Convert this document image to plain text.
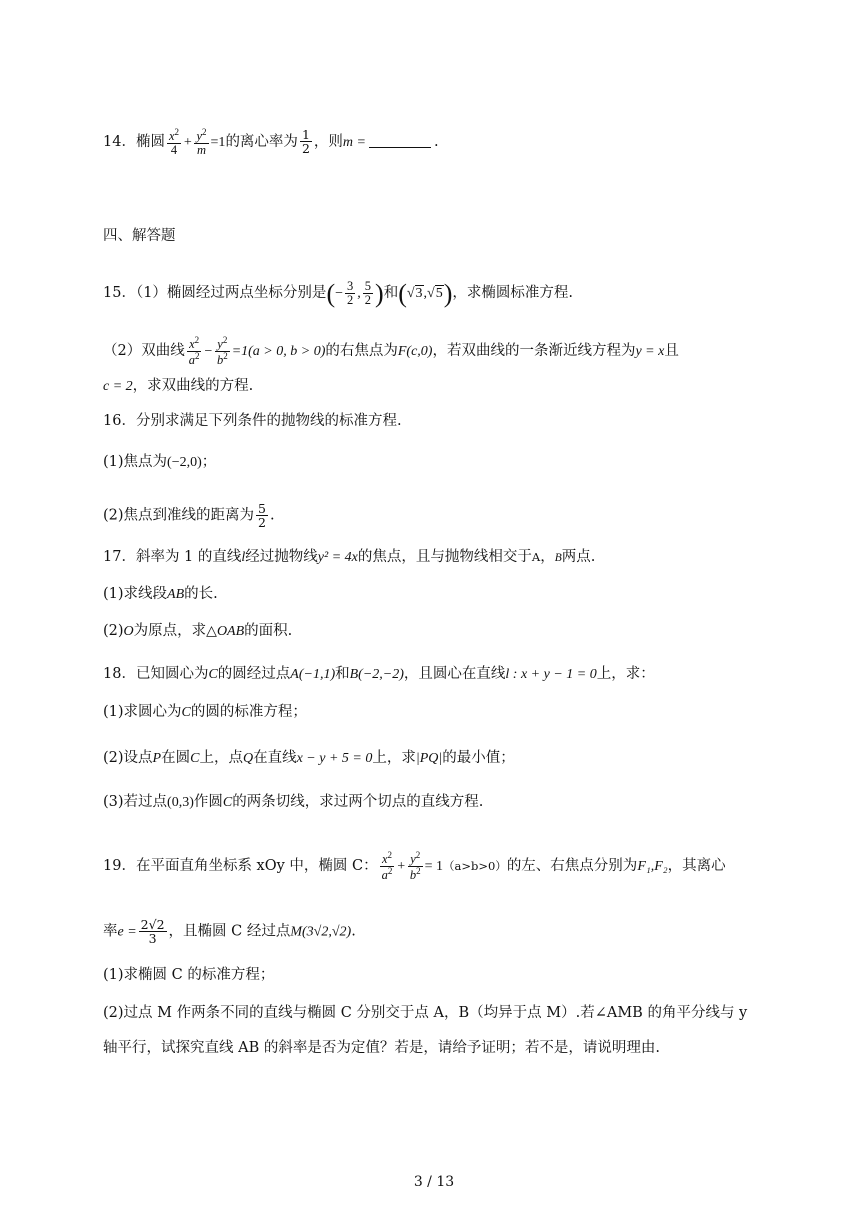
14．椭圆 $\frac{x^2}{4} + \frac{y^2}{m} =1$的离心率为 $\frac{1}{2}$ ，则m =	.
四、解答题
15．（1）椭圆经过两点坐标分别是(− $\frac{3}{2}$ , $\frac{5}{2}$ )和(√3,√5)，求椭圆标准方程.
（2）双曲线 $\frac{x^2}{a^2} - \frac{y^2}{b^2} =1(a > 0$, b > 0)的右焦点为F(c,0)，若双曲线的一条渐近线方程为y = x且
c = 2，求双曲线的方程.
16．分别求满足下列条件的抛物线的标准方程.
(1)焦点为(−2,0)；
(2)焦点到准线的距离为 $\frac{5}{2}$ .
17．斜率为 1 的直线l经过抛物线y² = 4x的焦点，且与抛物线相交于A，B两点.
(1)求线段AB的长.
(2)O为原点，求△OAB的面积.
18．已知圆心为C的圆经过点A(−1,1)和B(−2,−2)，且圆心在直线l : x + y − 1 = 0上，求：
(1)求圆心为C的圆的标准方程；
(2)设点P在圆C上，点Q在直线x − y + 5 = 0上，求|PQ|的最小值；
(3)若过点(0,3)作圆C的两条切线，求过两个切点的直线方程.
19．在平面直角坐标系 xOy 中，椭圆 C： $\frac{x^2}{a^2} + \frac{y^2}{b^2} = 1(a>b>0)$的左、右焦点分别为F₁,F₂，其离心
率$e = \frac{2√2}{3}$ ，且椭圆 C 经过点M(3√2,√2).
(1)求椭圆 C 的标准方程；
(2)过点 M 作两条不同的直线与椭圆 C 分别交于点 A，B（均异于点 M）.若∠AMB 的角平分线与 y
轴平行，试探究直线 AB 的斜率是否为定值？若是，请给予证明；若不是，请说明理由.
3 / 13
